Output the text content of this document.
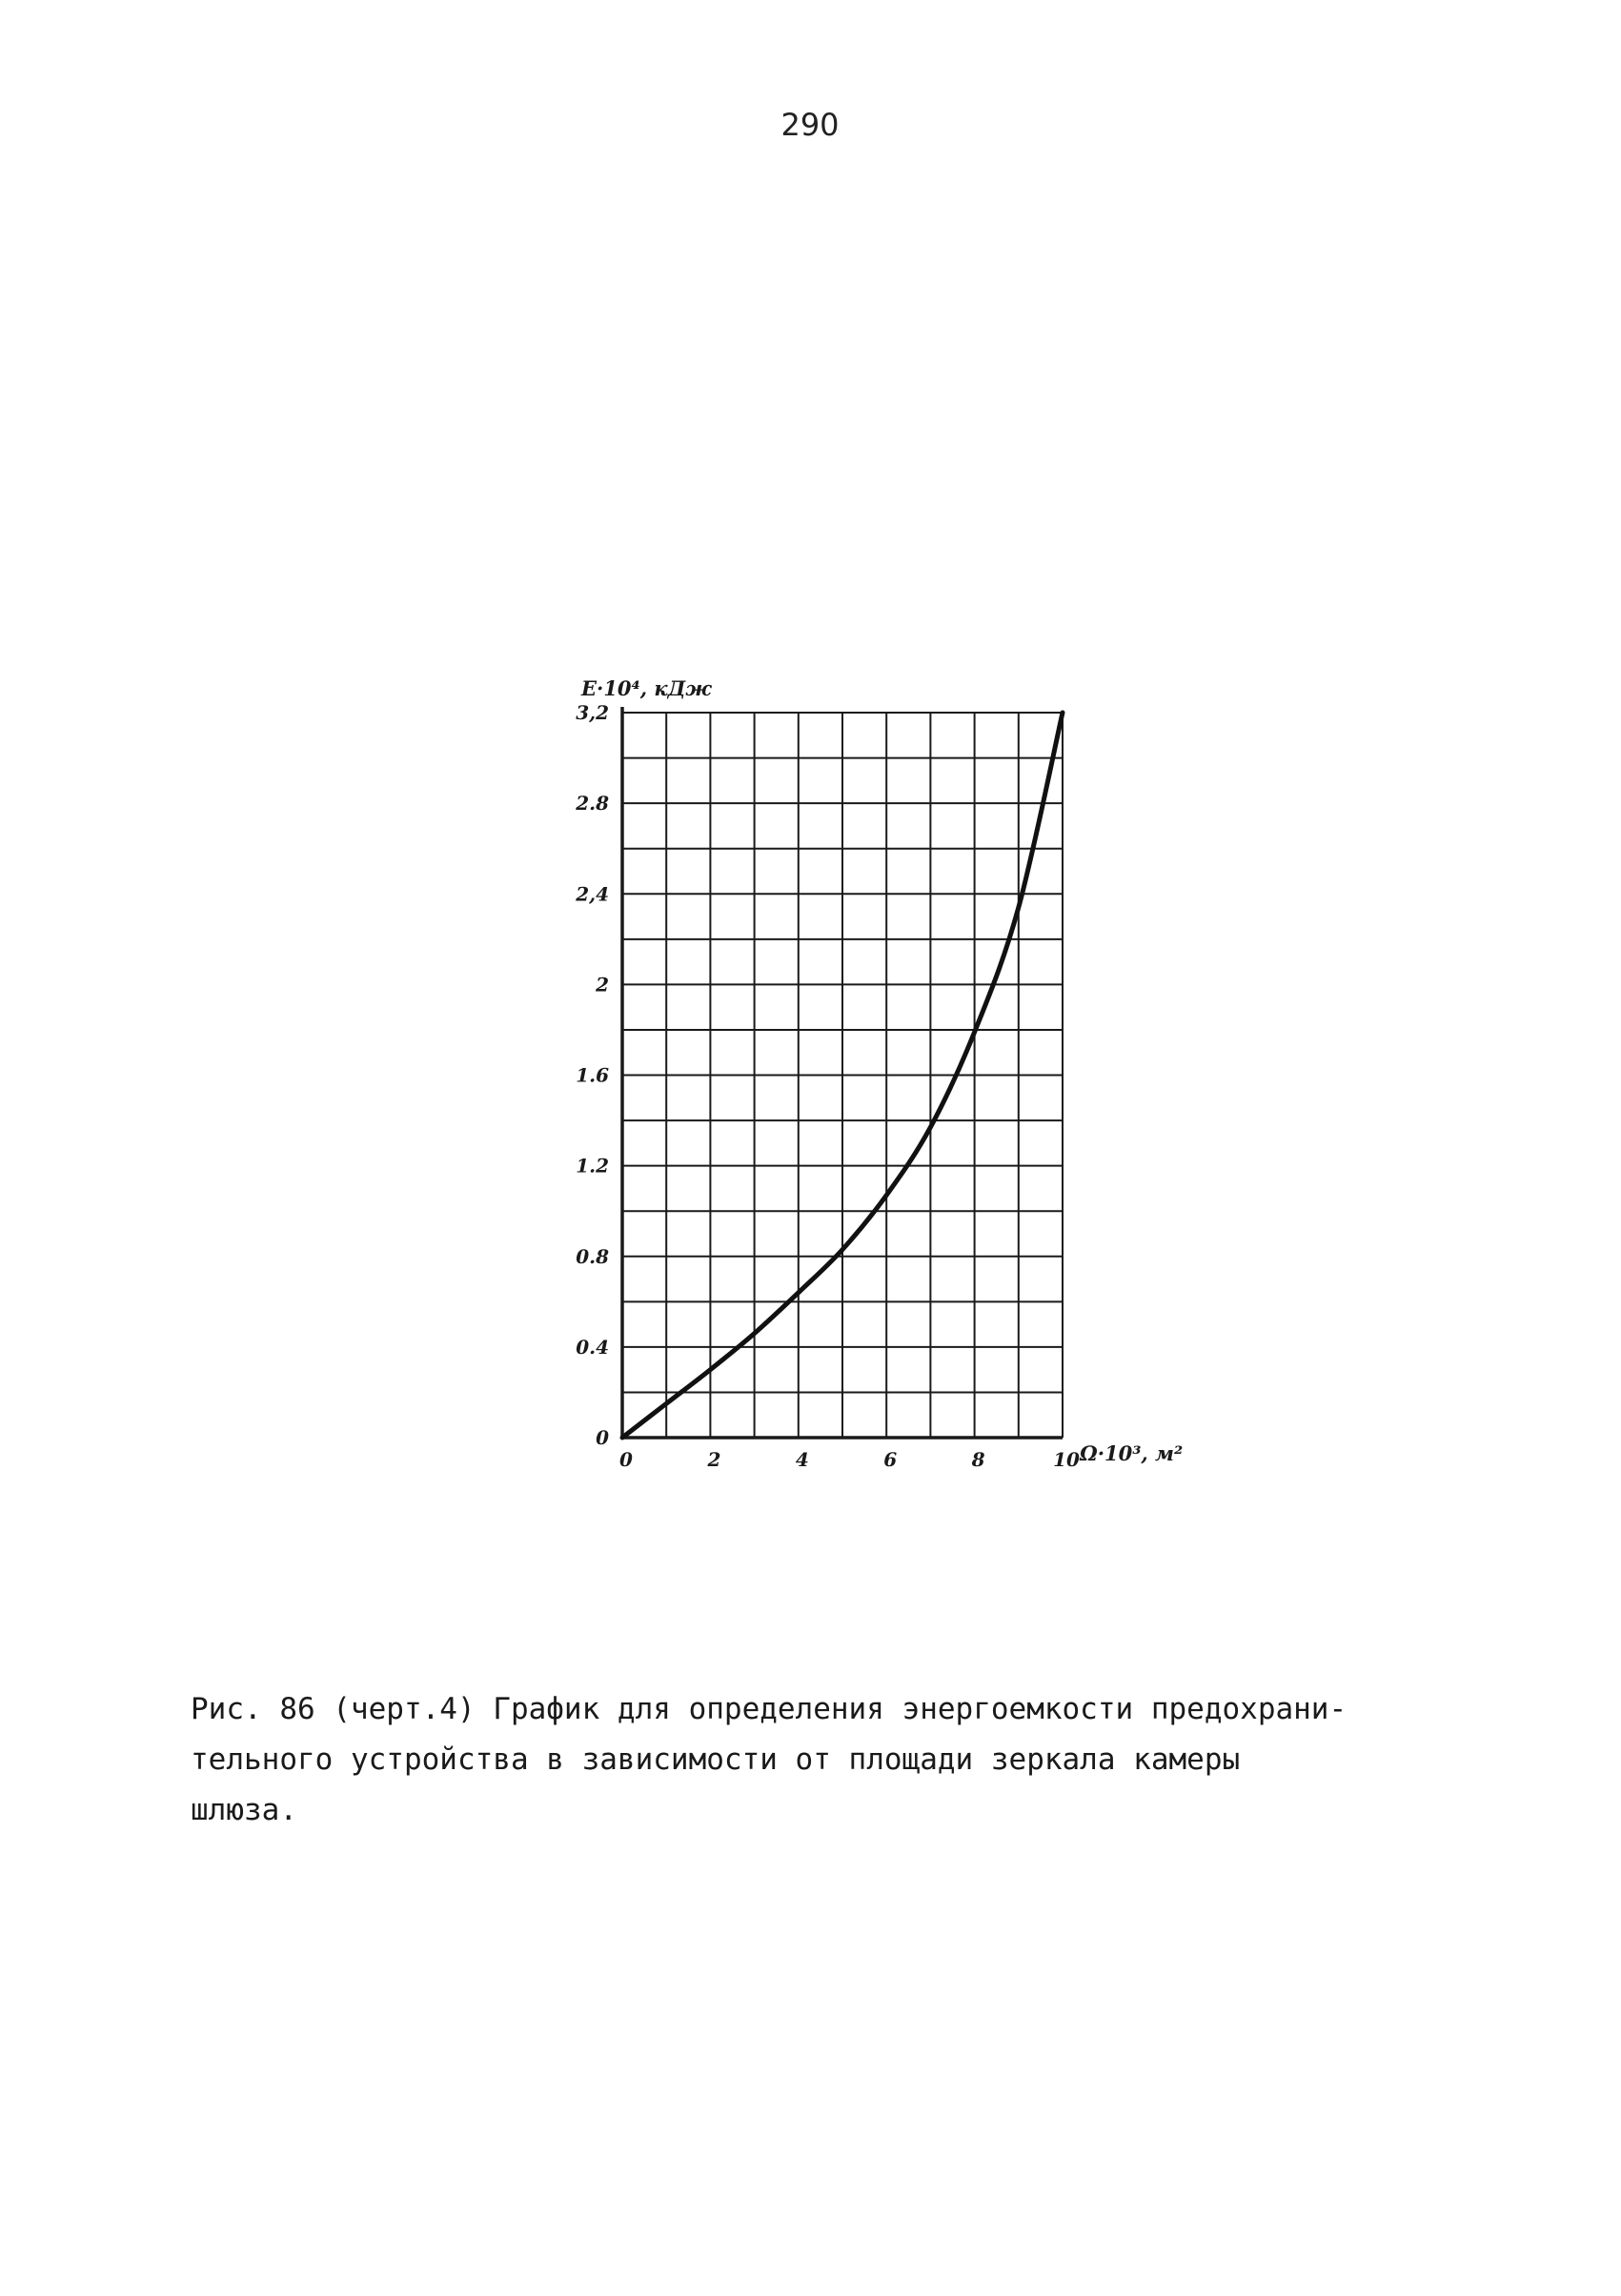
290
0
0.4
0.8
1.2
1.6
2
2,4
2.8
3,2
0	2	4	6	8	10
E·10⁴, кДж
Ω·10³, м²
Рис. 86 (черт.4) График для определения энергоемкости предохрани-
тельного устройства в зависимости от площади зеркала камеры
шлюза.
